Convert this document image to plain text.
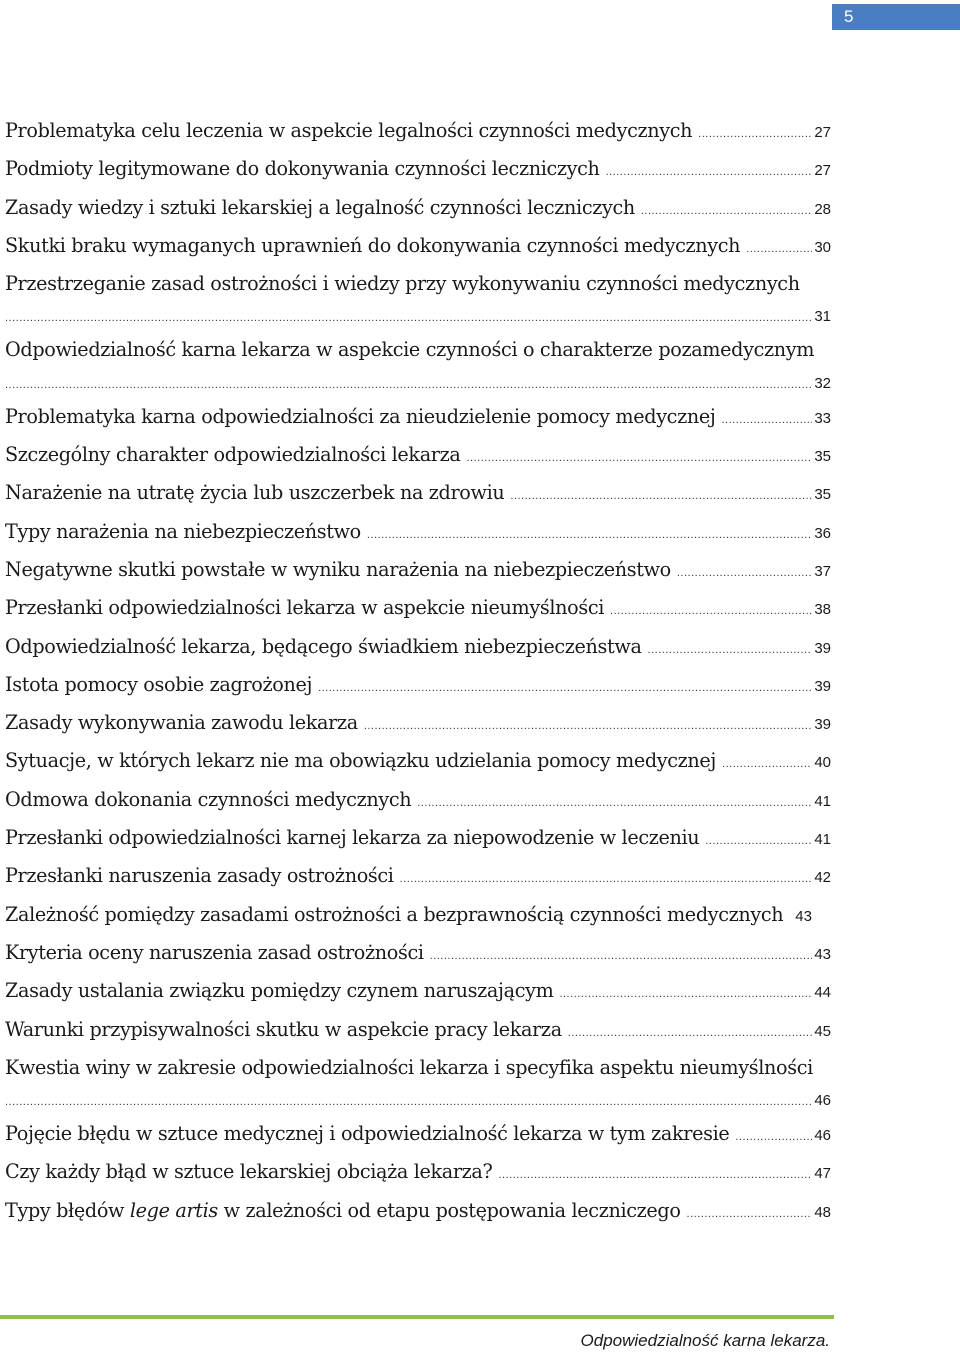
5
Problematyka celu leczenia w aspekcie legalności czynności medycznych .....	27
Podmioty legitymowane do dokonywania czynności leczniczych .....	27
Zasady wiedzy i sztuki lekarskiej a legalność czynności leczniczych .....	28
Skutki braku wymaganych uprawnień do dokonywania czynności medycznych .....	30
Przestrzeganie zasad ostrożności i wiedzy przy wykonywaniu czynności medycznych
.....
31
Odpowiedzialność karna lekarza w aspekcie czynności o charakterze pozamedycznym
.....
32
Problematyka karna odpowiedzialności za nieudzielenie pomocy medycznej .....	33
Szczególny charakter odpowiedzialności lekarza .....	35
Narażenie na utratę życia lub uszczerbek na zdrowiu .....	35
Typy narażenia na niebezpieczeństwo .....	36
Negatywne skutki powstałe w wyniku narażenia na niebezpieczeństwo .....	37
Przesłanki odpowiedzialności lekarza w aspekcie nieumyślności .....	38
Odpowiedzialność lekarza, będącego świadkiem niebezpieczeństwa .....	39
Istota pomocy osobie zagrożonej .....	39
Zasady wykonywania zawodu lekarza .....	39
Sytuacje, w których lekarz nie ma obowiązku udzielania pomocy medycznej .....	40
Odmowa dokonania czynności medycznych .....	41
Przesłanki odpowiedzialności karnej lekarza za niepowodzenie w leczeniu .....	41
Przesłanki naruszenia zasady ostrożności .....	42
Zależność pomiędzy zasadami ostrożności a bezprawnością czynności medycznych 43
Kryteria oceny naruszenia zasad ostrożności .....	43
Zasady ustalania związku pomiędzy czynem naruszającym .....	44
Warunki przypisywalności skutku w aspekcie pracy lekarza .....	45
Kwestia winy w zakresie odpowiedzialności lekarza i specyfika aspektu nieumyślności
.....
46
Pojęcie błędu w sztuce medycznej i odpowiedzialność lekarza w tym zakresie .....	46
Czy każdy błąd w sztuce lekarskiej obciąża lekarza? .....	47
Typy błędów lege artis w zależności od etapu postępowania leczniczego .....	48
Odpowiedzialność karna lekarza.
